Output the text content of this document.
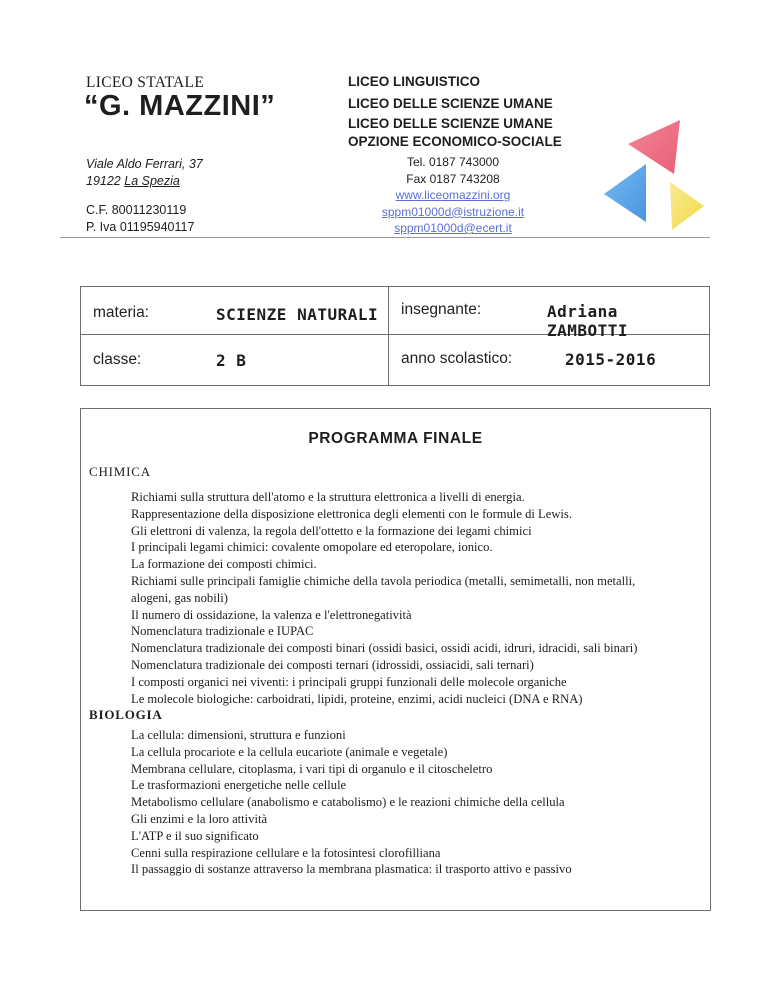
LICEO STATALE
“G. MAZZINI”
Viale Aldo Ferrari, 37
19122 La Spezia
C.F. 80011230119
P. Iva 01195940117
LICEO LINGUISTICO
LICEO DELLE SCIENZE UMANE
LICEO DELLE SCIENZE UMANE
OPZIONE ECONOMICO-SOCIALE
Tel. 0187 743000
Fax 0187 743208
www.liceomazzini.org
sppm01000d@istruzione.it
sppm01000d@ecert.it
materia:	SCIENZE NATURALI insegnante:	Adriana ZAMBOTTI
classe:	2 B	anno scolastico:	2015-2016
PROGRAMMA FINALE
CHIMICA
Richiami sulla struttura dell'atomo e la struttura elettronica a livelli di energia.
Rappresentazione della disposizione elettronica degli elementi con le formule di Lewis.
Gli elettroni di valenza, la regola dell'ottetto e la formazione dei legami chimici
I principali legami chimici: covalente omopolare ed eteropolare, ionico.
La formazione dei composti chimici.
Richiami sulle principali famiglie chimiche della tavola periodica (metalli, semimetalli, non metalli,
alogeni, gas nobili)
Il numero di ossidazione, la valenza e l'elettronegatività
Nomenclatura tradizionale e IUPAC
Nomenclatura tradizionale dei composti binari (ossidi basici, ossidi acidi, idruri, idracidi, sali binari)
Nomenclatura tradizionale dei composti ternari (idrossidi, ossiacidi, sali ternari)
I composti organici nei viventi: i principali gruppi funzionali delle molecole organiche
Le molecole biologiche: carboidrati, lipidi, proteine, enzimi, acidi nucleici (DNA e RNA)
BIOLOGIA
La cellula: dimensioni, struttura e funzioni
La cellula procariote e la cellula eucariote (animale e vegetale)
Membrana cellulare, citoplasma, i vari tipi di organulo e il citoscheletro
Le trasformazioni energetiche nelle cellule
Metabolismo cellulare (anabolismo e catabolismo) e le reazioni chimiche della cellula
Gli enzimi e la loro attività
L'ATP e il suo significato
Cenni sulla respirazione cellulare e la fotosintesi clorofilliana
Il passaggio di sostanze attraverso la membrana plasmatica: il trasporto attivo e passivo
